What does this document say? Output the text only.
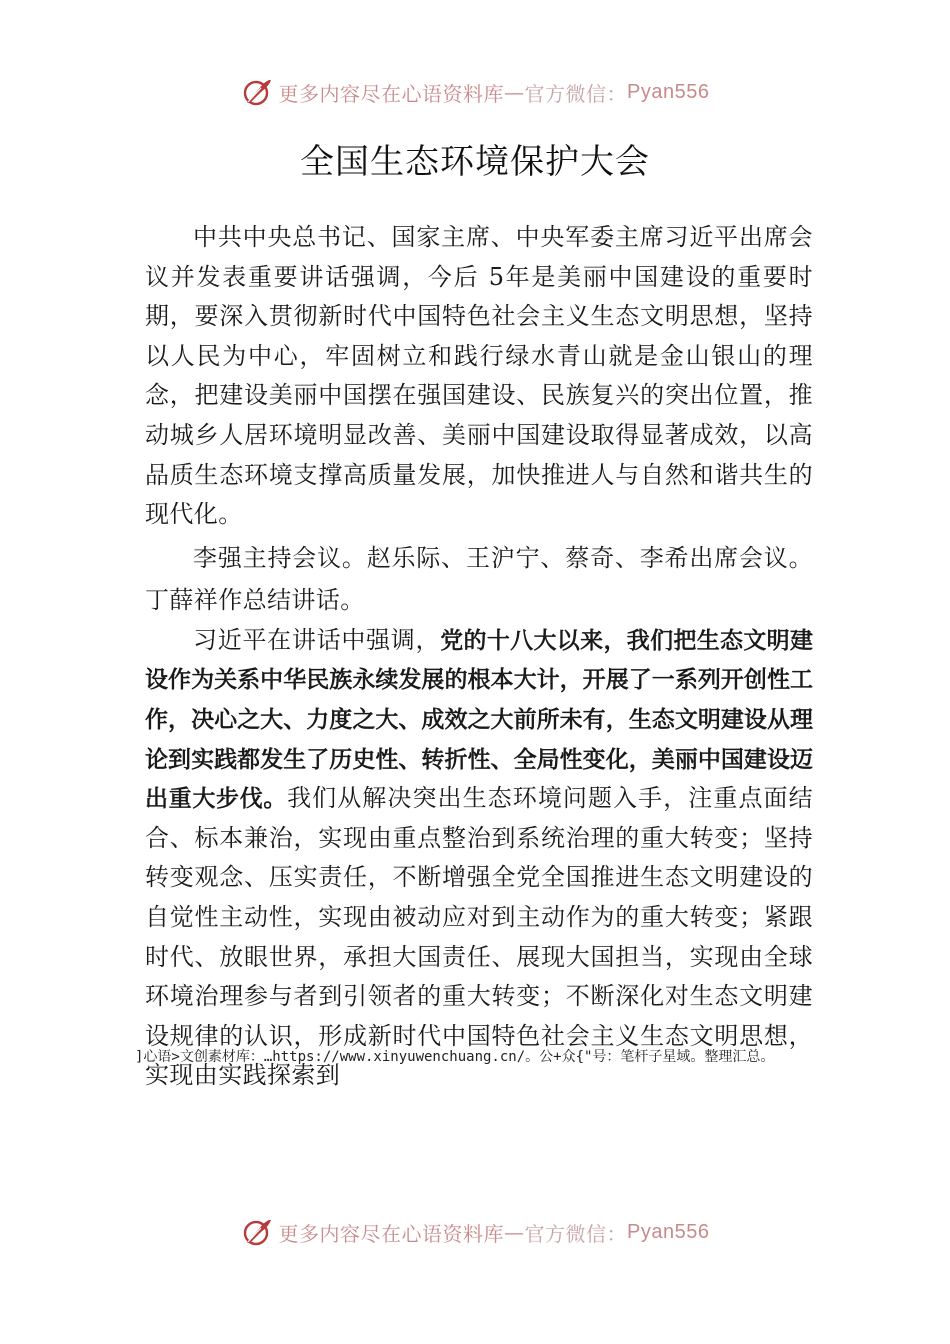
更多内容尽在心语资料库 — 官方微信： Pyan556
全国生态环境保护大会

中共中央总书记、国家主席、中央军委主席习近平出席会议并发表重要讲话强调，今后 5年是美丽中国建设的重要时期，要深入贯彻新时代中国特色社会主义生态文明思想，坚持以人民为中心，牢固树立和践行绿水青山就是金山银山的理念，把建设美丽中国摆在强国建设、民族复兴的突出位置，推动城乡人居环境明显改善、美丽中国建设取得显著成效，以高品质生态环境支撑高质量发展，加快推进人与自然和谐共生的现代化。

李强主持会议。赵乐际、王沪宁、蔡奇、李希出席会议。丁薛祥作总结讲话。

习近平在讲话中强调，党的十八大以来，我们把生态文明建设作为关系中华民族永续发展的根本大计，开展了一系列开创性工作，决心之大、力度之大、成效之大前所未有，生态文明建设从理论到实践都发生了历史性、转折性、全局性变化，美丽中国建设迈出重大步伐。我们从解决突出生态环境问题入手，注重点面结合、标本兼治，实现由重点整治到系统治理的重大转变；坚持转变观念、压实责任，不断增强全党全国推进生态文明建设的自觉性主动性，实现由被动应对到主动作为的重大转变；紧跟时代、放眼世界，承担大国责任、展现大国担当，实现由全球环境治理参与者到引领者的重大转变；不断深化对生态文明建设规律的认识，形成新时代中国特色社会主义生态文明思想，实现由实践探索到

]心语>文创素材库：…https://www.xinyuwenchuang.cn/。公+众{"号：笔杆子星域。整理汇总。
更多内容尽在心语资料库 — 官方微信： Pyan556
